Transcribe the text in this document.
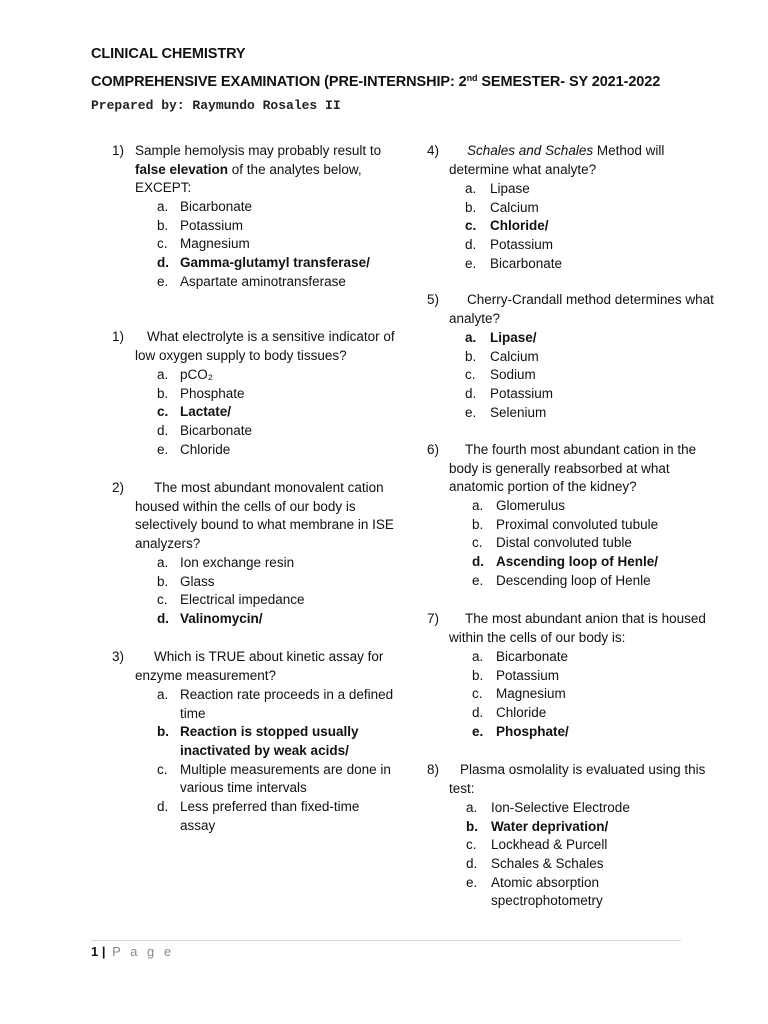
CLINICAL CHEMISTRY
COMPREHENSIVE EXAMINATION (PRE-INTERNSHIP: 2nd SEMESTER- SY 2021-2022
Prepared by: Raymundo Rosales II
1) Sample hemolysis may probably result to
false elevation of the analytes below,
EXCEPT:
a. Bicarbonate
b. Potassium
c. Magnesium
d. Gamma-glutamyl transferase/
e. Aspartate aminotransferase
1)	What electrolyte is a sensitive indicator of
low oxygen supply to body tissues?
a. pCO₂
b. Phosphate
c. Lactate/
d. Bicarbonate
e. Chloride
2)	The most abundant monovalent cation
housed within the cells of our body is
selectively bound to what membrane in ISE
analyzers?
a. Ion exchange resin
b. Glass
c. Electrical impedance
d. Valinomycin/
3)	Which is TRUE about kinetic assay for
enzyme measurement?
a. Reaction rate proceeds in a defined
time
b. Reaction is stopped usually
inactivated by weak acids/
c. Multiple measurements are done in
various time intervals
d. Less preferred than fixed-time
assay
4)	Schales and Schales Method will
determine what analyte?
a. Lipase
b. Calcium
c. Chloride/
d. Potassium
e. Bicarbonate
5)	Cherry-Crandall method determines what
analyte?
a. Lipase/
b. Calcium
c. Sodium
d. Potassium
e. Selenium
6)	The fourth most abundant cation in the
body is generally reabsorbed at what
anatomic portion of the kidney?
a. Glomerulus
b. Proximal convoluted tubule
c. Distal convoluted tuble
d. Ascending loop of Henle/
e. Descending loop of Henle
7)	The most abundant anion that is housed
within the cells of our body is:
a. Bicarbonate
b. Potassium
c. Magnesium
d. Chloride
e. Phosphate/
8)	Plasma osmolality is evaluated using this
test:
a. Ion-Selective Electrode
b. Water deprivation/
c. Lockhead & Purcell
d. Schales & Schales
e. Atomic absorption
spectrophotometry
1 | P a g e
